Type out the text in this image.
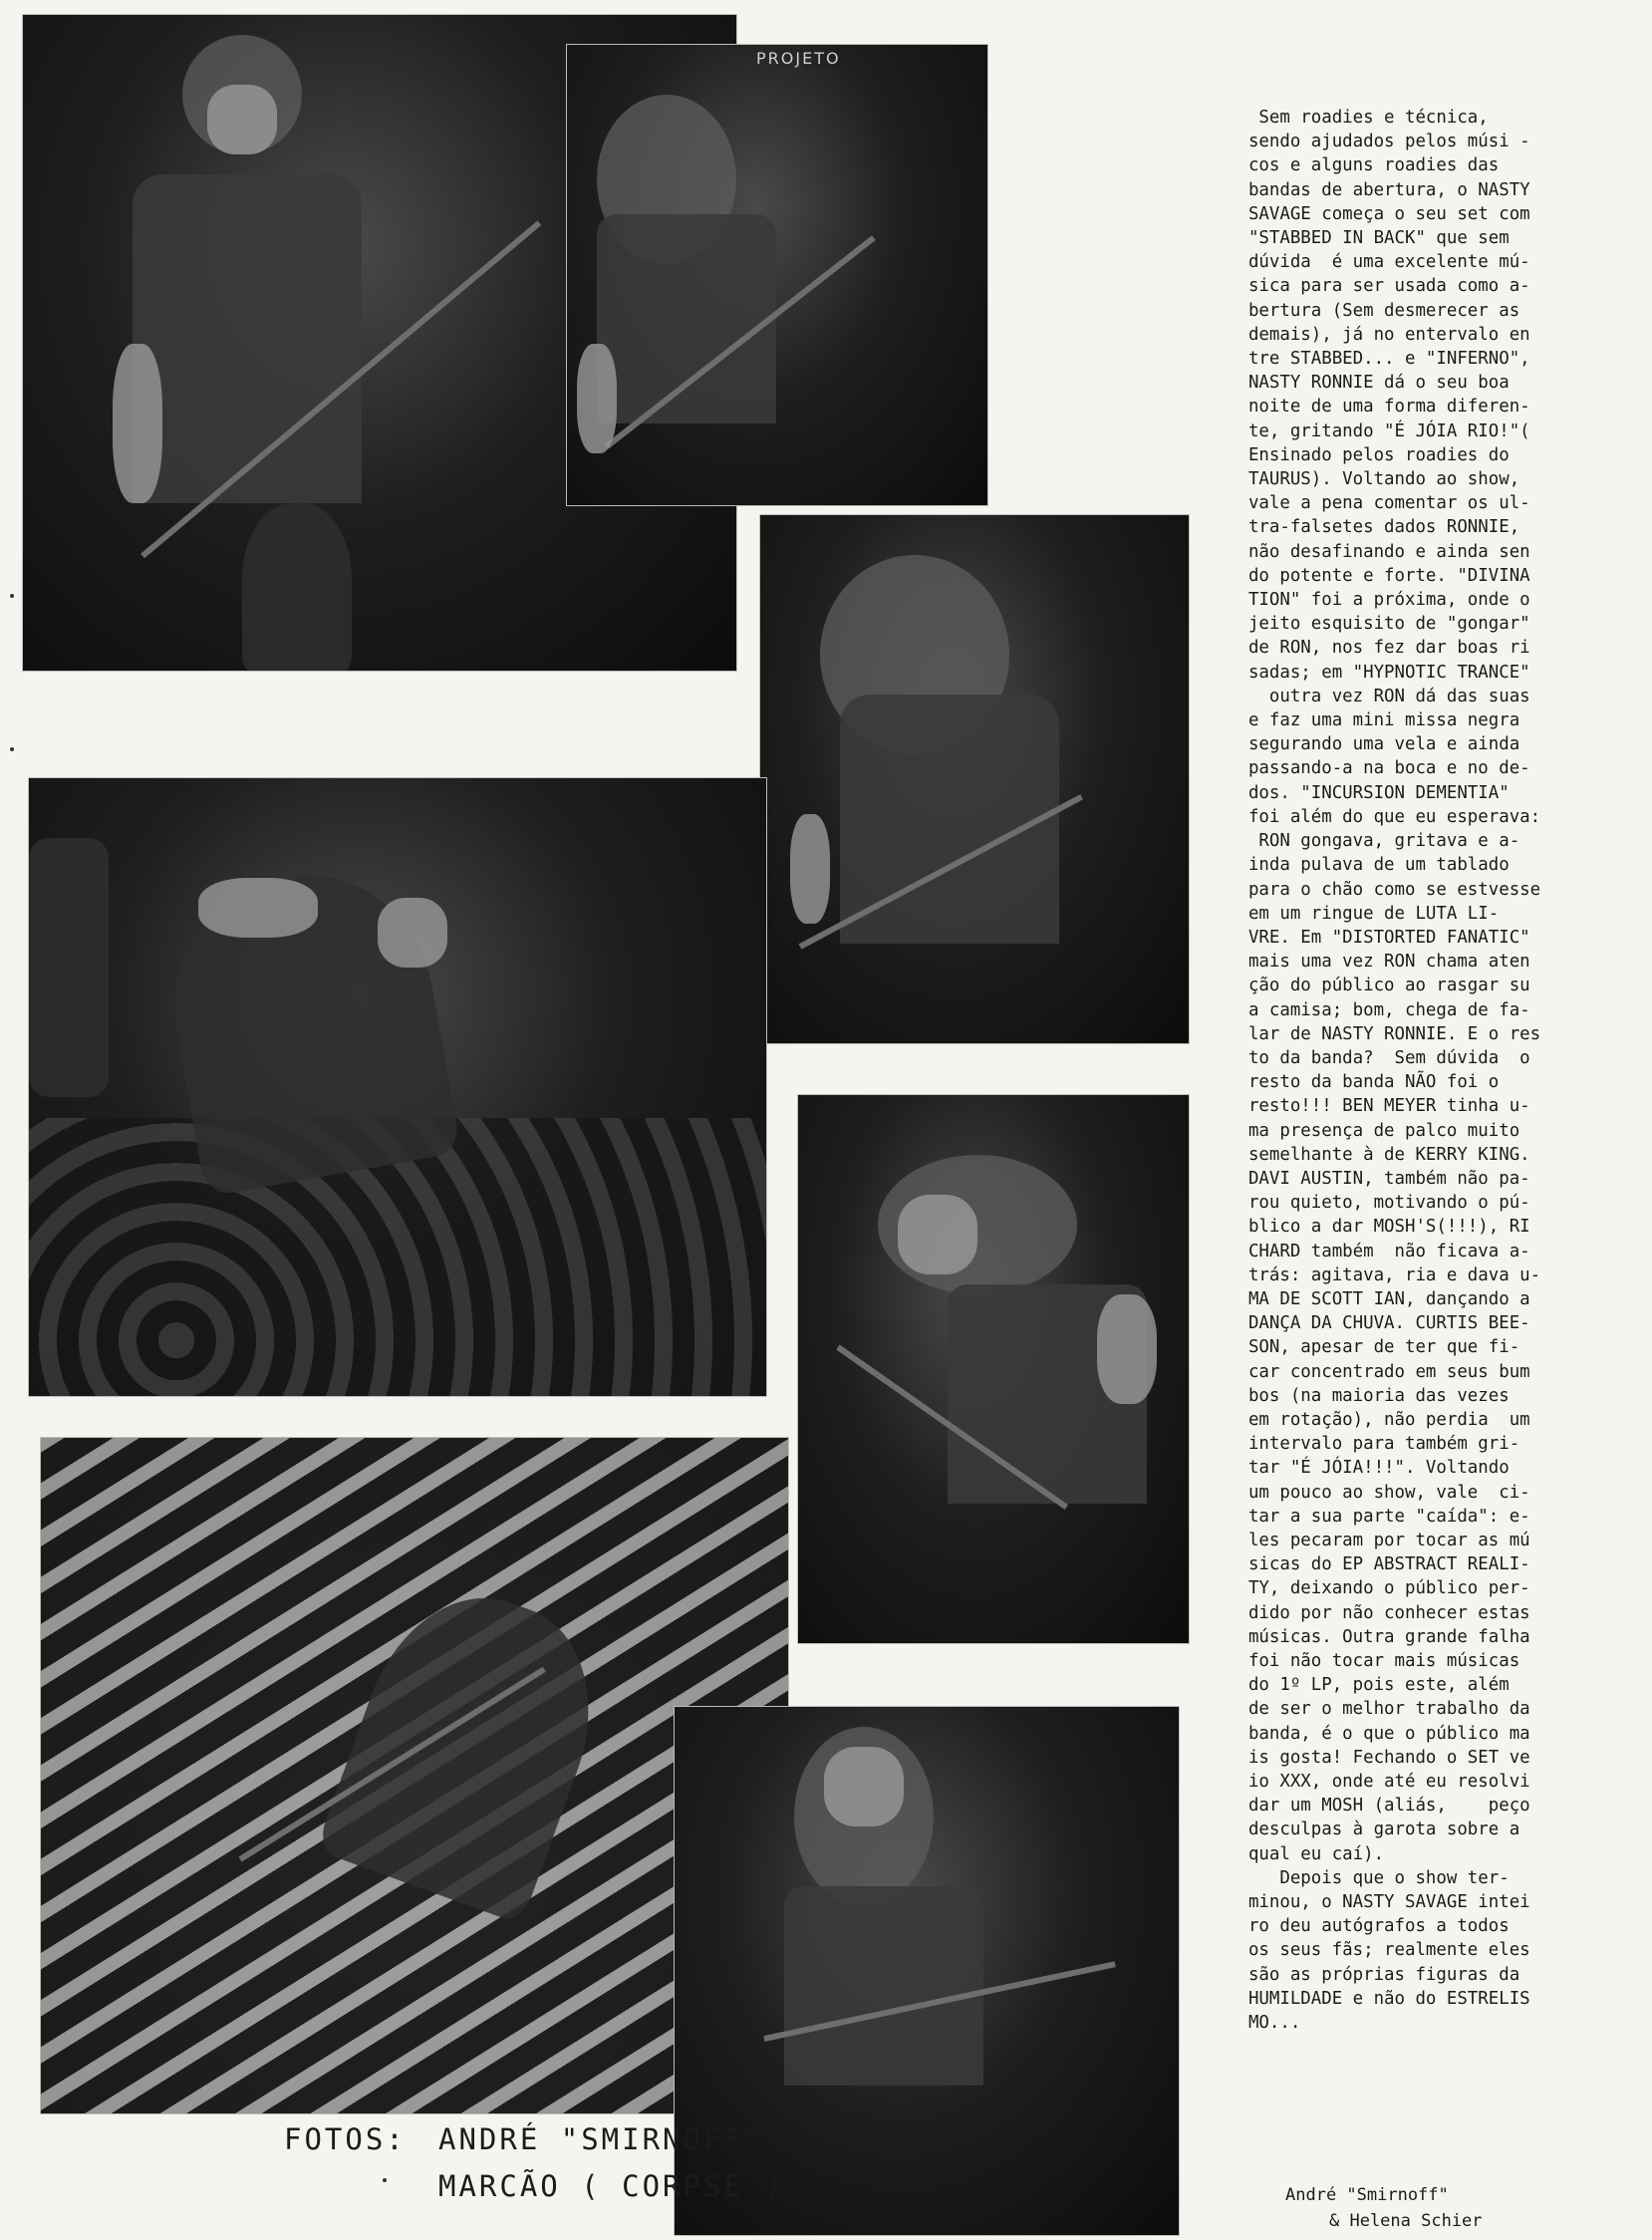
PROJETO
Sem roadies e técnica,
sendo ajudados pelos músi -
cos e alguns roadies das
bandas de abertura, o NASTY
SAVAGE começa o seu set com
"STABBED IN BACK" que sem
dúvida  é uma excelente mú-
sica para ser usada como a-
bertura (Sem desmerecer as
demais), já no entervalo en
tre STABBED... e "INFERNO",
NASTY RONNIE dá o seu boa
noite de uma forma diferen-
te, gritando "É JÓIA RIO!"(
Ensinado pelos roadies do
TAURUS). Voltando ao show,
vale a pena comentar os ul-
tra-falsetes dados RONNIE,
não desafinando e ainda sen
do potente e forte. "DIVINA
TION" foi a próxima, onde o
jeito esquisito de "gongar"
de RON, nos fez dar boas ri
sadas; em "HYPNOTIC TRANCE"
outra vez RON dá das suas
e faz uma mini missa negra
segurando uma vela e ainda
passando-a na boca e no de-
dos. "INCURSION DEMENTIA"
foi além do que eu esperava:
RON gongava, gritava e a-
inda pulava de um tablado
para o chão como se estvesse
em um ringue de LUTA LI-
VRE. Em "DISTORTED FANATIC"
mais uma vez RON chama aten
ção do público ao rasgar su
a camisa; bom, chega de fa-
lar de NASTY RONNIE. E o res
to da banda?  Sem dúvida  o
resto da banda NÃO foi o
resto!!! BEN MEYER tinha u-
ma presença de palco muito
semelhante à de KERRY KING.
DAVI AUSTIN, também não pa-
rou quieto, motivando o pú-
blico a dar MOSH'S(!!!), RI
CHARD também  não ficava a-
trás: agitava, ria e dava u-
MA DE SCOTT IAN, dançando a
DANÇA DA CHUVA. CURTIS BEE-
SON, apesar de ter que fi-
car concentrado em seus bum
bos (na maioria das vezes
em rotação), não perdia  um
intervalo para também gri-
tar "É JÓIA!!!". Voltando
um pouco ao show, vale  ci-
tar a sua parte "caída": e-
les pecaram por tocar as mú
sicas do EP ABSTRACT REALI-
TY, deixando o público per-
dido por não conhecer estas
músicas. Outra grande falha
foi não tocar mais músicas
do 1º LP, pois este, além
de ser o melhor trabalho da
banda, é o que o público ma
is gosta! Fechando o SET ve
io XXX, onde até eu resolvi
dar um MOSH (aliás,    peço
desculpas à garota sobre a
qual eu caí).
Depois que o show ter-
minou, o NASTY SAVAGE intei
ro deu autógrafos a todos
os seus fãs; realmente eles
são as próprias figuras da
HUMILDADE e não do ESTRELIS
MO...

André "Smirnoff"

& Helena Schier

FOTOS: ANDRÉ "SMIRNOFF"

MARCÃO ( CORPSE )
